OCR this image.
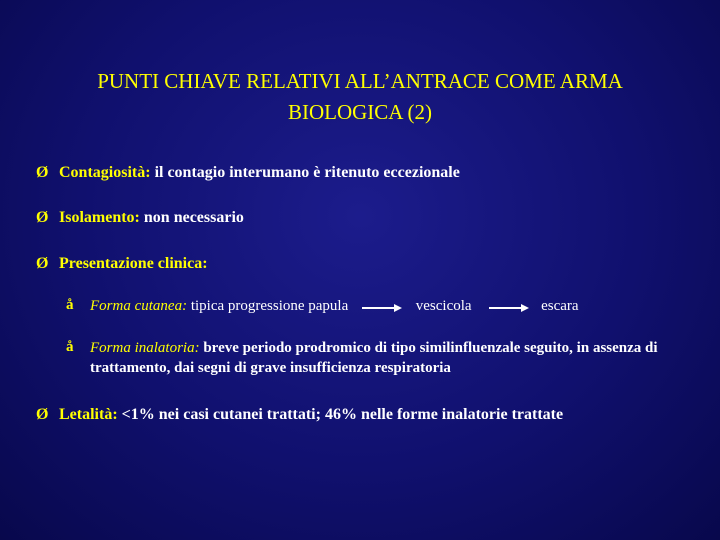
PUNTI CHIAVE RELATIVI ALL’ANTRACE COME ARMA
BIOLOGICA (2)
Ø Contagiosità: il contagio interumano è ritenuto eccezionale
Ø Isolamento: non necessario
Ø Presentazione clinica:
å Forma cutanea: tipica progressione papula	vescicola	escara
å Forma inalatoria: breve periodo prodromico di tipo similinfluenzale seguito, in assenza di trattamento, dai segni di grave insufficienza respiratoria
Ø Letalità: <1% nei casi cutanei trattati; 46% nelle forme inalatorie trattate
